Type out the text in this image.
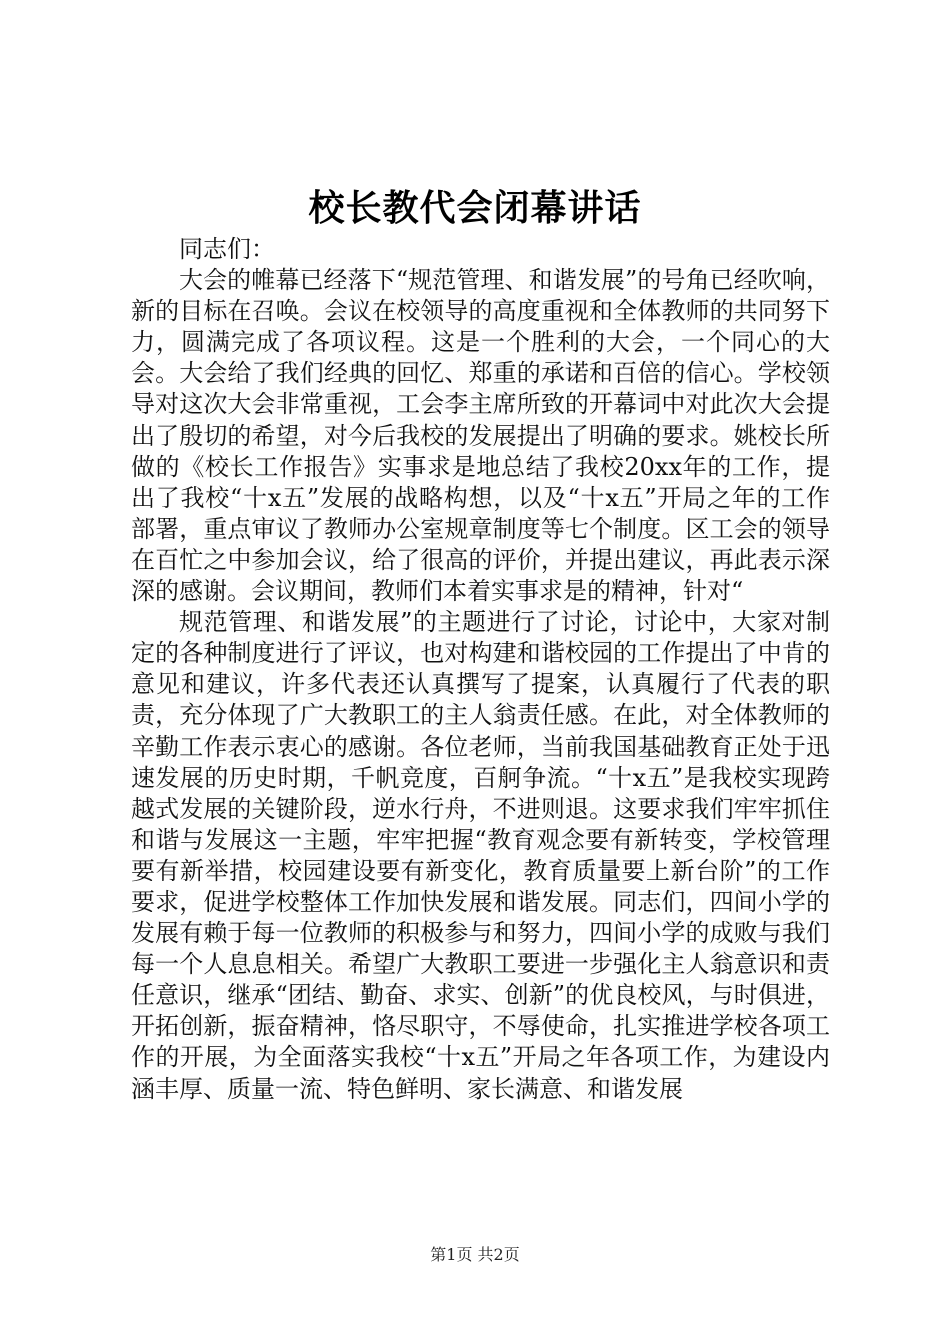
校长教代会闭幕讲话

同志们：

大会的帷幕已经落下“规范管理、和谐发展”的号角已经吹响，新的目标在召唤。会议在校领导的高度重视和全体教师的共同努下力，圆满完成了各项议程。这是一个胜利的大会，一个同心的大会。大会给了我们经典的回忆、郑重的承诺和百倍的信心。学校领导对这次大会非常重视，工会李主席所致的开幕词中对此次大会提出了殷切的希望，对今后我校的发展提出了明确的要求。姚校长所做的《校长工作报告》实事求是地总结了我校20xx年的工作，提出了我校“十x五”发展的战略构想，以及“十x五”开局之年的工作部署，重点审议了教师办公室规章制度等七个制度。区工会的领导在百忙之中参加会议，给了很高的评价，并提出建议，再此表示深深的感谢。会议期间，教师们本着实事求是的精神，针对“

规范管理、和谐发展”的主题进行了讨论，讨论中，大家对制定的各种制度进行了评议，也对构建和谐校园的工作提出了中肯的意见和建议，许多代表还认真撰写了提案，认真履行了代表的职责，充分体现了广大教职工的主人翁责任感。在此，对全体教师的辛勤工作表示衷心的感谢。各位老师，当前我国基础教育正处于迅速发展的历史时期，千帆竞度，百舸争流。“十x五”是我校实现跨越式发展的关键阶段，逆水行舟，不进则退。这要求我们牢牢抓住和谐与发展这一主题，牢牢把握“教育观念要有新转变，学校管理要有新举措，校园建设要有新变化，教育质量要上新台阶”的工作要求，促进学校整体工作加快发展和谐发展。同志们，四间小学的发展有赖于每一位教师的积极参与和努力，四间小学的成败与我们每一个人息息相关。希望广大教职工要进一步强化主人翁意识和责任意识，继承“团结、勤奋、求实、创新”的优良校风，与时俱进，开拓创新，振奋精神，恪尽职守，不辱使命，扎实推进学校各项工作的开展，为全面落实我校“十x五”开局之年各项工作，为建设内涵丰厚、质量一流、特色鲜明、家长满意、和谐发展

第1页 共2页
